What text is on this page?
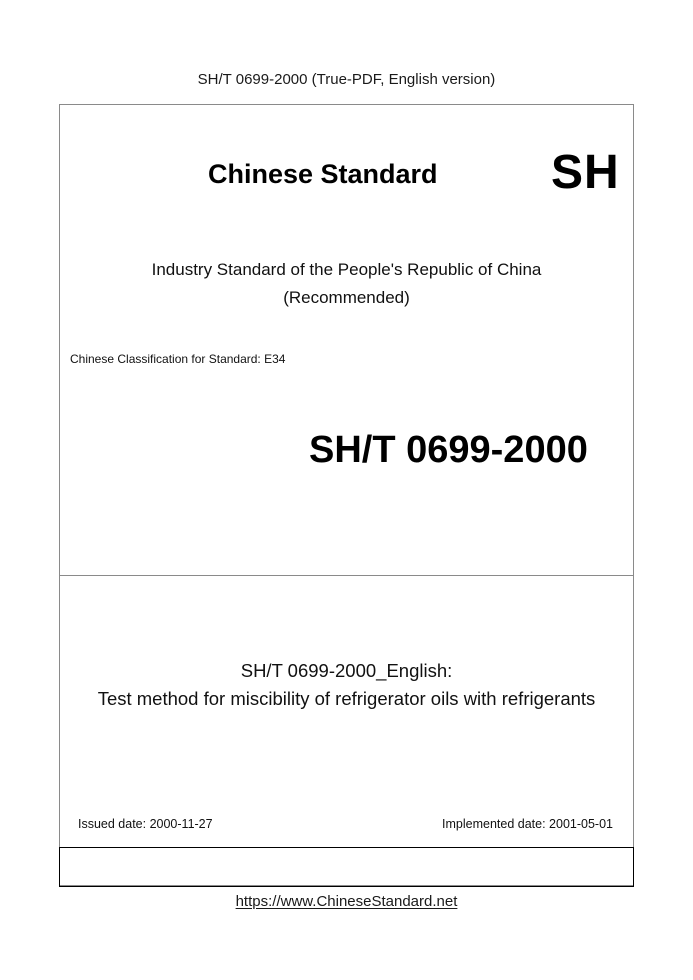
SH/T 0699-2000 (True-PDF, English version)
Chinese Standard SH
Industry Standard of the People's Republic of China
(Recommended)
Chinese Classification for Standard: E34
SH/T 0699-2000
SH/T 0699-2000_English:
Test method for miscibility of refrigerator oils with refrigerants
Issued date: 2000-11-27	Implemented date: 2001-05-01
https://www.ChineseStandard.net
